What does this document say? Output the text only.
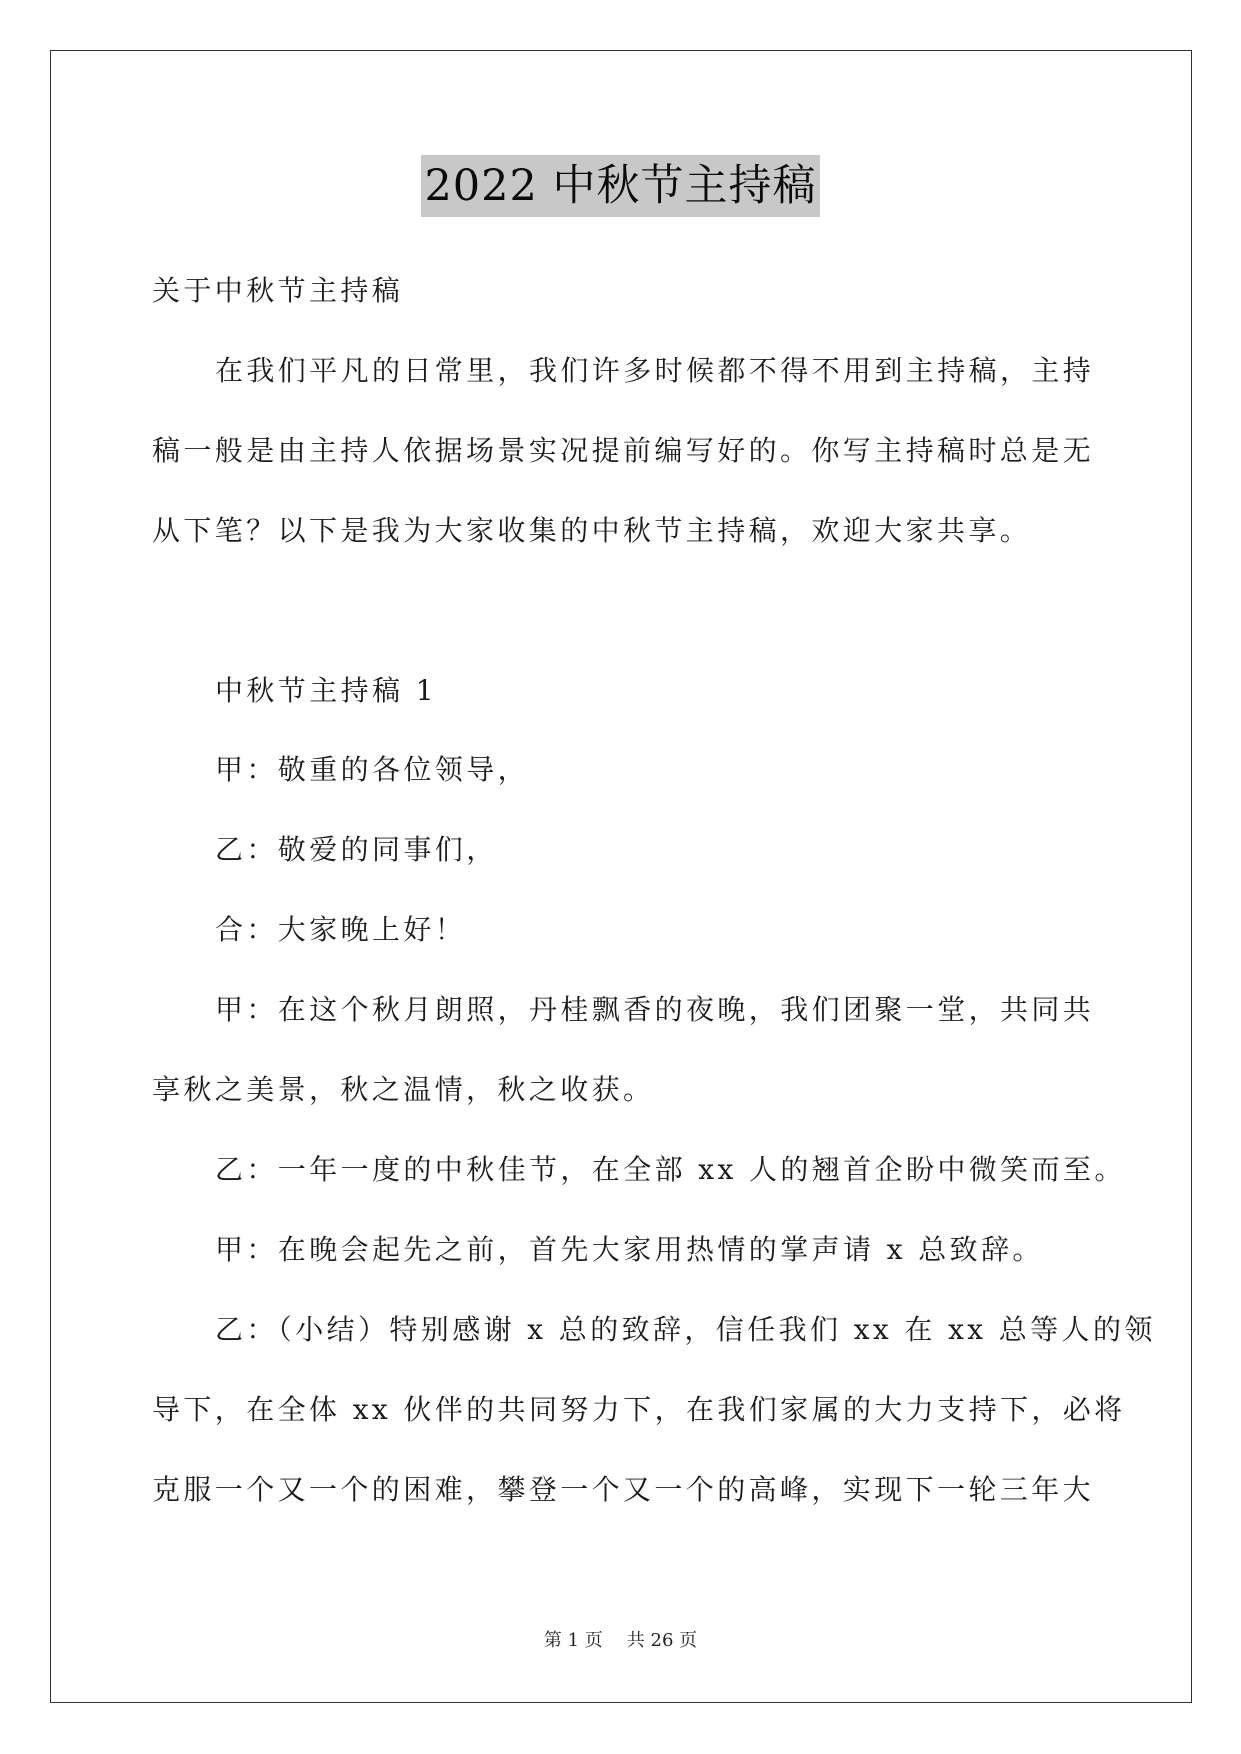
2022 中秋节主持稿
关于中秋节主持稿
在我们平凡的日常里，我们许多时候都不得不用到主持稿，主持
稿一般是由主持人依据场景实况提前编写好的。你写主持稿时总是无
从下笔？以下是我为大家收集的中秋节主持稿，欢迎大家共享。
中秋节主持稿 1
甲：敬重的各位领导，
乙：敬爱的同事们，
合：大家晚上好！
甲：在这个秋月朗照，丹桂飘香的夜晚，我们团聚一堂，共同共
享秋之美景，秋之温情，秋之收获。
乙：一年一度的中秋佳节，在全部 xx 人的翘首企盼中微笑而至。
甲：在晚会起先之前，首先大家用热情的掌声请 x 总致辞。
乙：（小结）特别感谢 x 总的致辞，信任我们 xx 在 xx 总等人的领
导下，在全体 xx 伙伴的共同努力下，在我们家属的大力支持下，必将
克服一个又一个的困难，攀登一个又一个的高峰，实现下一轮三年大
第 1 页 共 26 页
